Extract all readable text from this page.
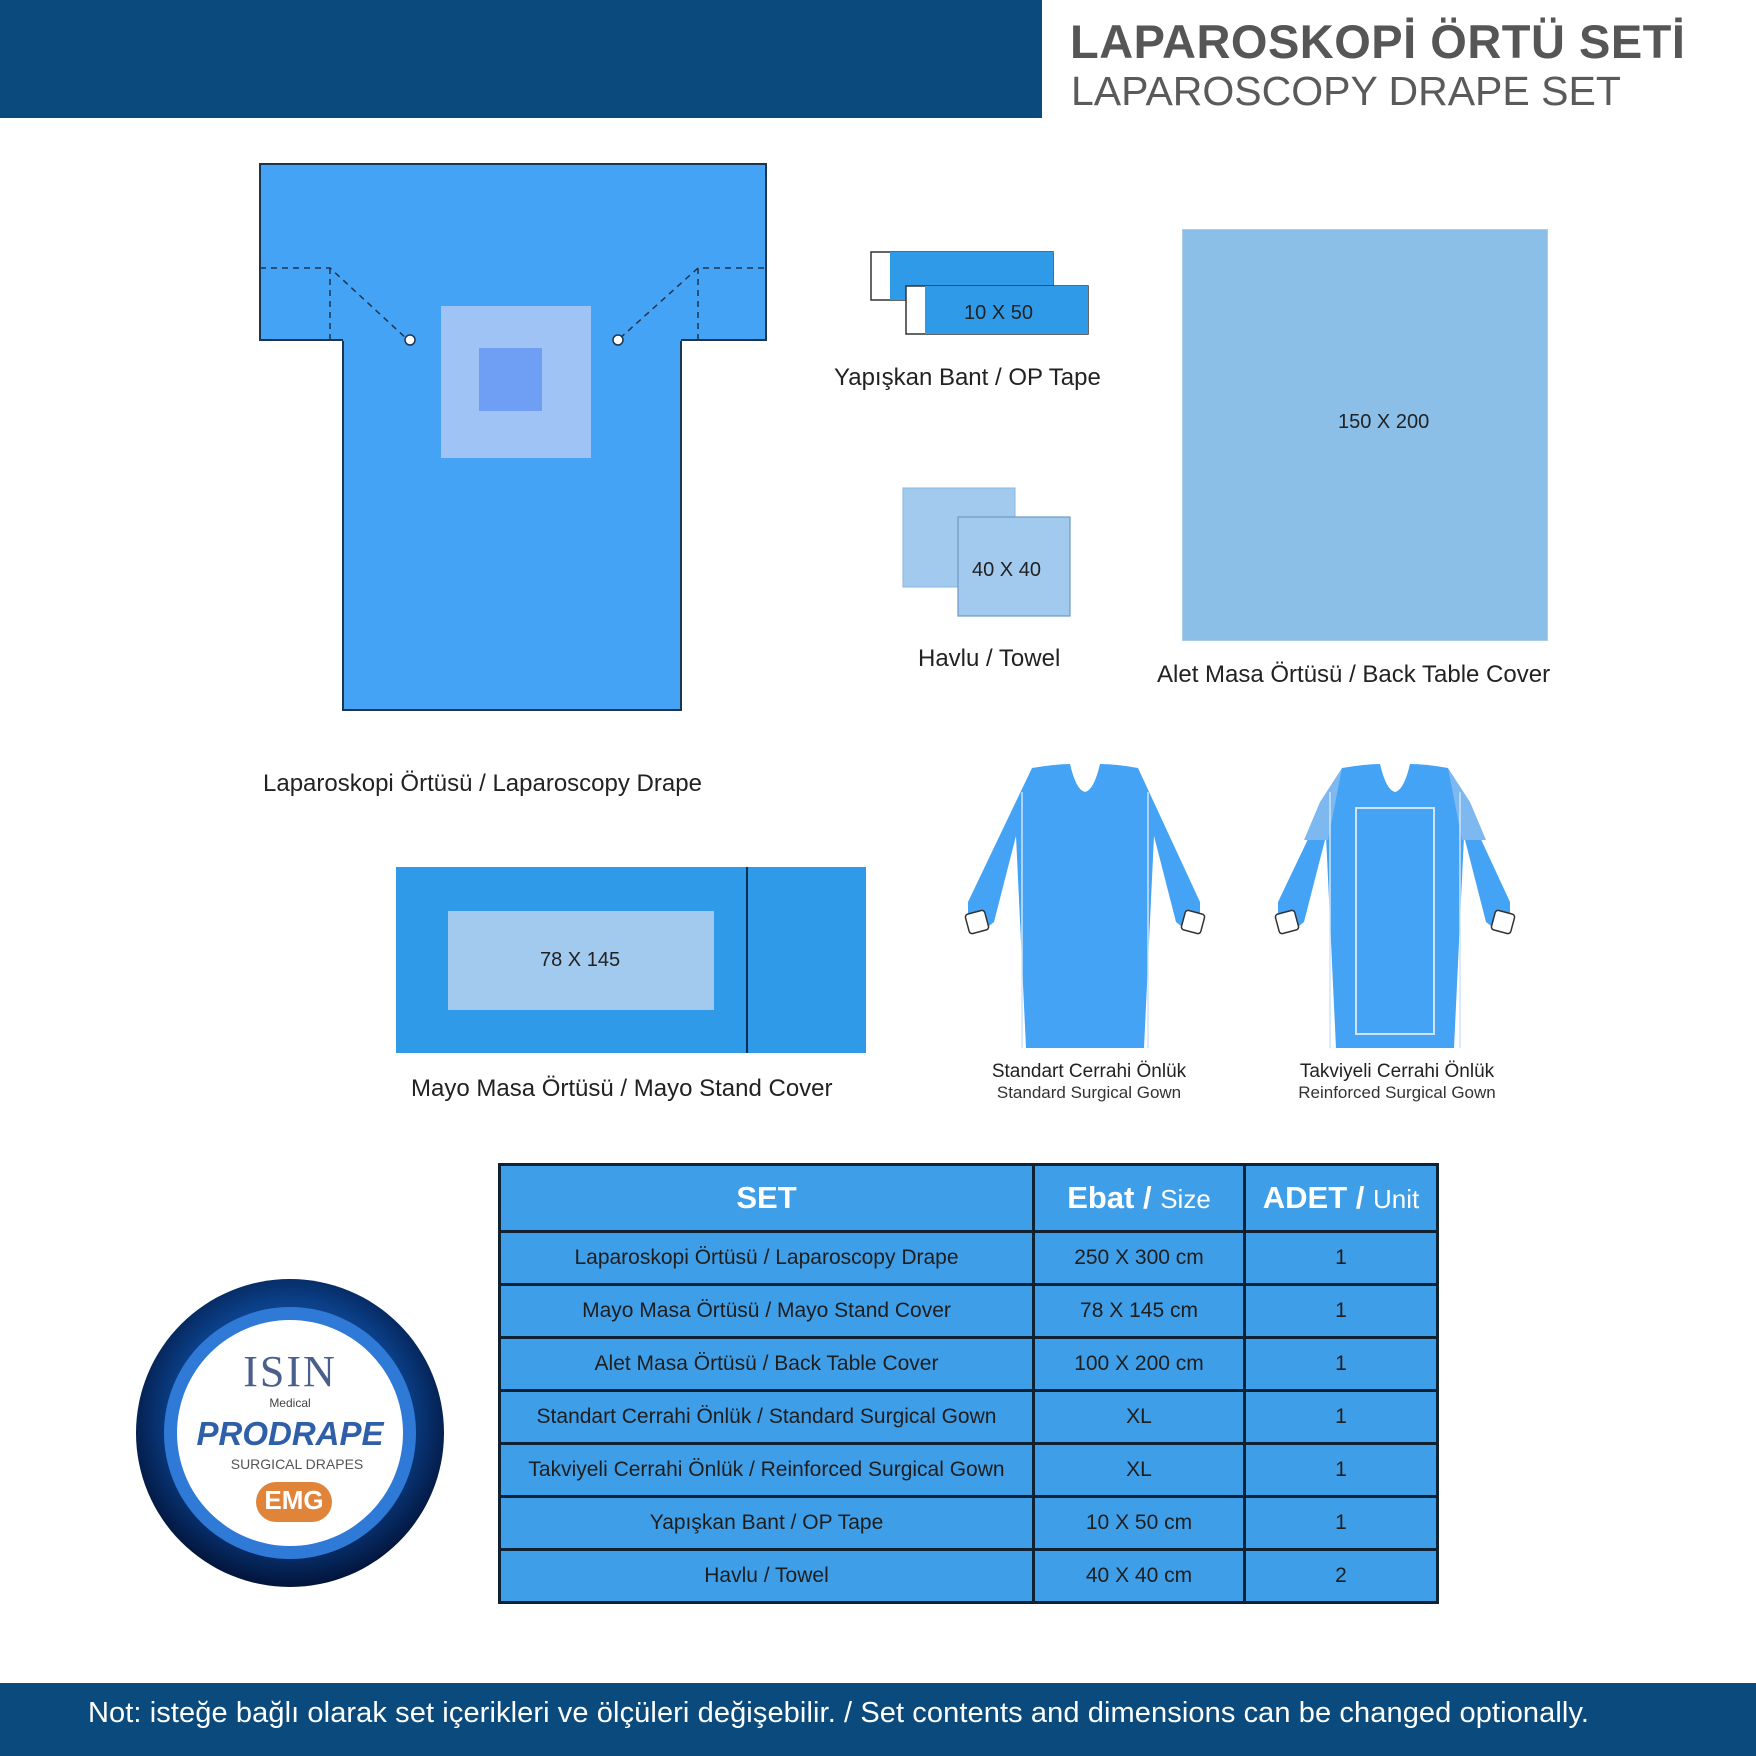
LAPAROSKOPİ ÖRTÜ SETİ
LAPAROSCOPY DRAPE SET
Laparoskopi Örtüsü / Laparoscopy Drape
10 X 50
Yapışkan Bant / OP Tape
40 X 40
Havlu / Towel
150 X 200
Alet Masa Örtüsü / Back Table Cover
78 X 145
Mayo Masa Örtüsü / Mayo Stand Cover
Standart Cerrahi Önlük
Standard Surgical Gown
Takviyeli Cerrahi Önlük
Reinforced Surgical Gown
ISIN
Medical
PRODRAPE
SURGICAL DRAPES
EMG
SET	Ebat / Size	ADET / Unit
Laparoskopi Örtüsü / Laparoscopy Drape	250 X 300 cm	1
Mayo Masa Örtüsü / Mayo Stand Cover	78 X 145 cm	1
Alet Masa Örtüsü / Back Table Cover	100 X 200 cm	1
Standart Cerrahi Önlük / Standard Surgical Gown	XL	1
Takviyeli Cerrahi Önlük / Reinforced Surgical Gown	XL	1
Yapışkan Bant / OP Tape	10 X 50 cm	1
Havlu / Towel	40 X 40 cm	2
Not: isteğe bağlı olarak set içerikleri ve ölçüleri değişebilir. / Set contents and dimensions can be changed optionally.
